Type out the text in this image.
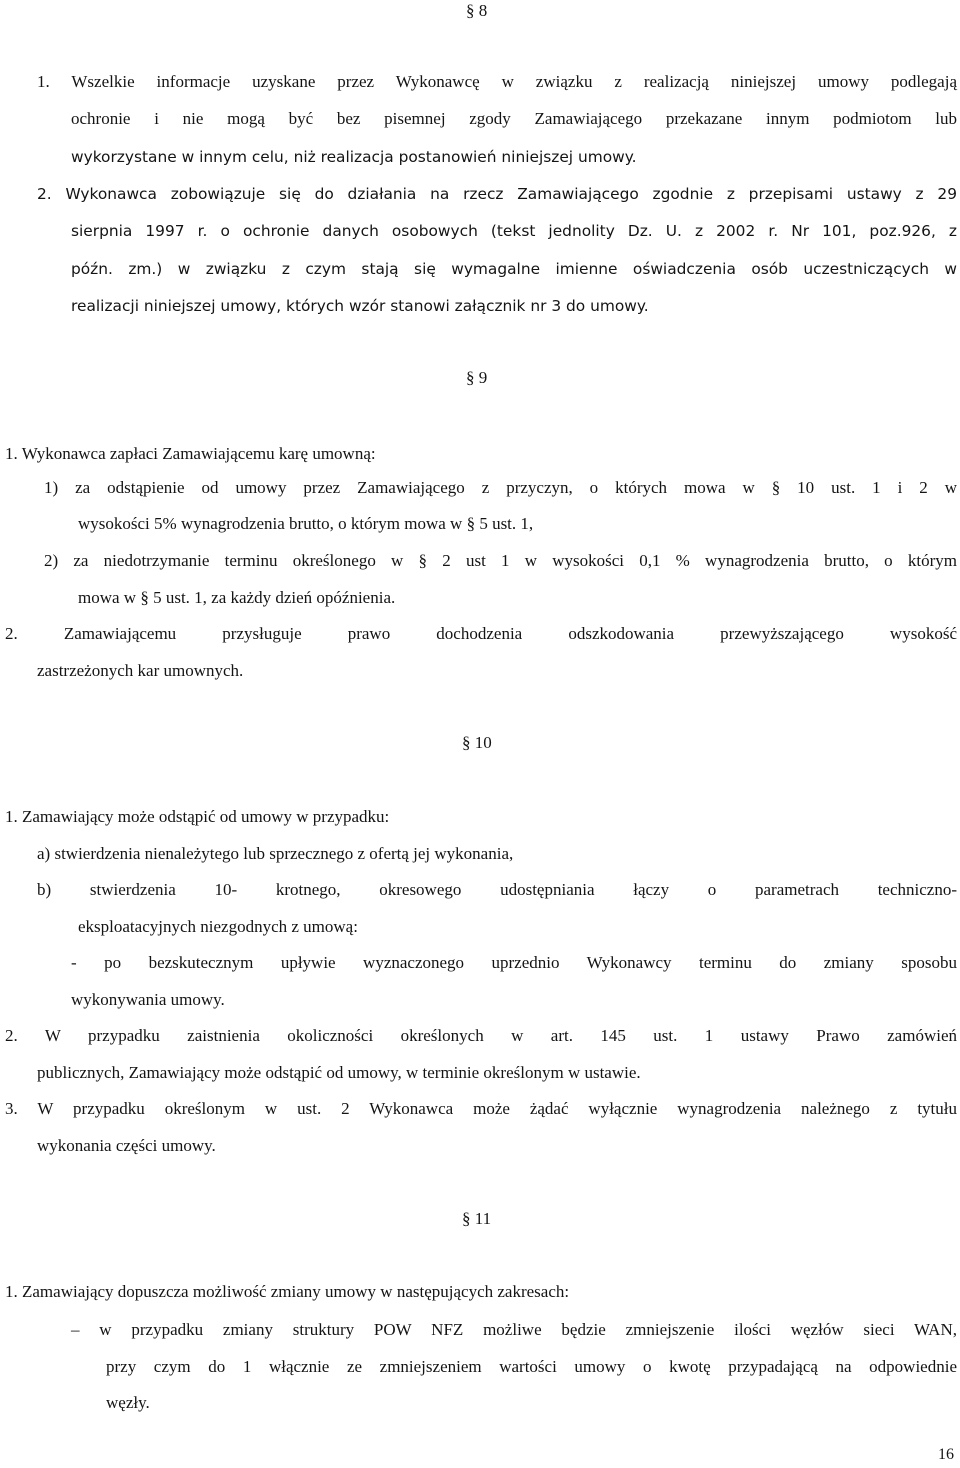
§ 8
1. Wszelkie informacje uzyskane przez Wykonawcę w związku z realizacją niniejszej umowy podlegają
ochronie i nie mogą być bez pisemnej zgody Zamawiającego przekazane innym podmiotom lub
wykorzystane w innym celu, niż realizacja postanowień niniejszej umowy.
2. Wykonawca zobowiązuje się do działania na rzecz Zamawiającego zgodnie z przepisami ustawy z 29
sierpnia 1997 r. o ochronie danych osobowych (tekst jednolity Dz. U. z 2002 r. Nr 101, poz.926, z
późn. zm.) w związku z czym stają się wymagalne imienne oświadczenia osób uczestniczących w
realizacji niniejszej umowy, których wzór stanowi załącznik nr 3 do umowy.
§ 9
1. Wykonawca zapłaci Zamawiającemu karę umowną:
1) za odstąpienie od umowy przez Zamawiającego z przyczyn, o których mowa w § 10 ust. 1 i 2 w
wysokości 5% wynagrodzenia brutto, o którym mowa w § 5 ust. 1,
2) za niedotrzymanie terminu określonego w § 2 ust 1 w wysokości 0,1 % wynagrodzenia brutto, o którym
mowa w § 5 ust. 1, za każdy dzień opóźnienia.
2. Zamawiającemu przysługuje prawo dochodzenia odszkodowania przewyższającego wysokość
zastrzeżonych kar umownych.
§ 10
1. Zamawiający może odstąpić od umowy w przypadku:
a) stwierdzenia nienależytego lub sprzecznego z ofertą jej wykonania,
b) stwierdzenia 10- krotnego, okresowego udostępniania łączy o parametrach techniczno-
eksploatacyjnych niezgodnych z umową:
- po bezskutecznym upływie wyznaczonego uprzednio Wykonawcy terminu do zmiany sposobu
wykonywania umowy.
2. W przypadku zaistnienia okoliczności określonych w art. 145 ust. 1 ustawy Prawo zamówień
publicznych, Zamawiający może odstąpić od umowy, w terminie określonym w ustawie.
3. W przypadku określonym w ust. 2 Wykonawca może żądać wyłącznie wynagrodzenia należnego z tytułu
wykonania części umowy.
§ 11
1. Zamawiający dopuszcza możliwość zmiany umowy w następujących zakresach:
– w przypadku zmiany struktury POW NFZ możliwe będzie zmniejszenie ilości węzłów sieci WAN,
przy czym do 1 włącznie ze zmniejszeniem wartości umowy o kwotę przypadającą na odpowiednie
węzły.
16
